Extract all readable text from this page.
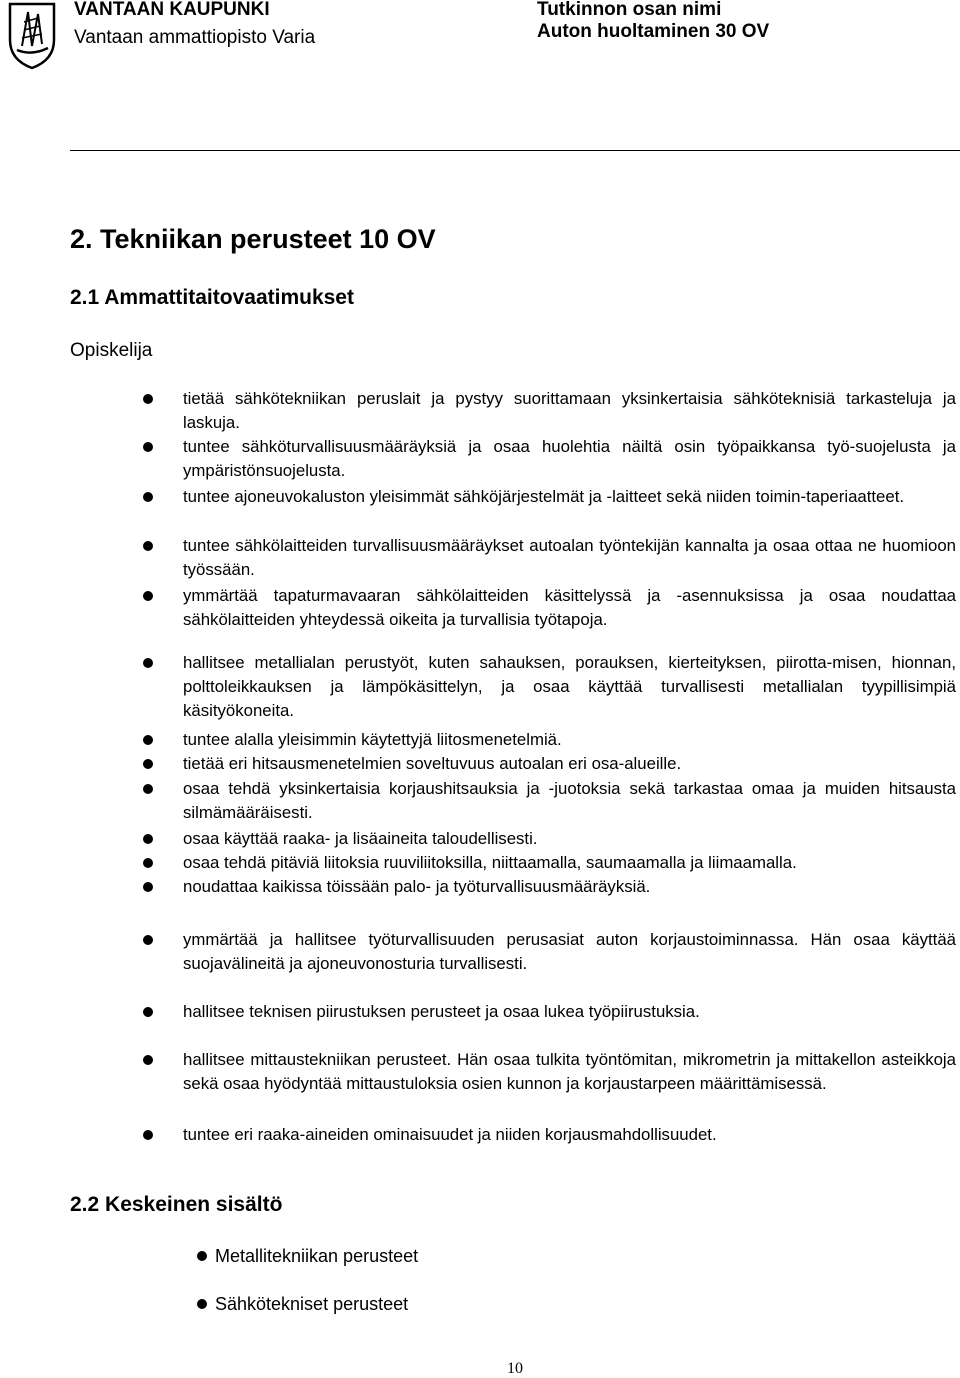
VANTAAN KAUPUNKI
Vantaan ammattiopisto Varia
Tutkinnon osan nimi
Auton huoltaminen 30 OV
2. Tekniikan perusteet 10 OV
2.1 Ammattitaitovaatimukset
Opiskelija
tietää sähkötekniikan peruslait ja pystyy suorittamaan yksinkertaisia sähköteknisiä tarkasteluja ja laskuja.
tuntee sähköturvallisuusmääräyksiä ja osaa huolehtia näiltä osin työpaikkansa työ-suojelusta ja ympäristönsuojelusta.
tuntee ajoneuvokaluston yleisimmät sähköjärjestelmät ja -laitteet sekä niiden toimin-taperiaatteet.
tuntee sähkölaitteiden turvallisuusmääräykset autoalan työntekijän kannalta ja osaa ottaa ne huomioon työssään.
ymmärtää tapaturmavaaran sähkölaitteiden käsittelyssä ja -asennuksissa ja osaa noudattaa sähkölaitteiden yhteydessä oikeita ja turvallisia työtapoja.
hallitsee metallialan perustyöt, kuten sahauksen, porauksen, kierteityksen, piirotta-misen, hionnan, polttoleikkauksen ja lämpökäsittelyn, ja osaa käyttää turvallisesti metallialan tyypillisimpiä käsityökoneita.
tuntee alalla yleisimmin käytettyjä liitosmenetelmiä.
tietää eri hitsausmenetelmien soveltuvuus autoalan eri osa-alueille.
osaa tehdä yksinkertaisia korjaushitsauksia ja -juotoksia sekä tarkastaa omaa ja muiden hitsausta silmämääräisesti.
osaa käyttää raaka- ja lisäaineita taloudellisesti.
osaa tehdä pitäviä liitoksia ruuviliitoksilla, niittaamalla, saumaamalla ja liimaamalla.
noudattaa kaikissa töissään palo- ja työturvallisuusmääräyksiä.
ymmärtää ja hallitsee työturvallisuuden perusasiat auton korjaustoiminnassa. Hän osaa käyttää suojavälineitä ja ajoneuvonosturia turvallisesti.
hallitsee teknisen piirustuksen perusteet ja osaa lukea työpiirustuksia.
hallitsee mittaustekniikan perusteet. Hän osaa tulkita työntömitan, mikrometrin ja mittakellon asteikkoja sekä osaa hyödyntää mittaustuloksia osien kunnon ja korjaustarpeen määrittämisessä.
tuntee eri raaka-aineiden ominaisuudet ja niiden korjausmahdollisuudet.
2.2 Keskeinen sisältö
Metallitekniikan perusteet
Sähkötekniset perusteet
10
